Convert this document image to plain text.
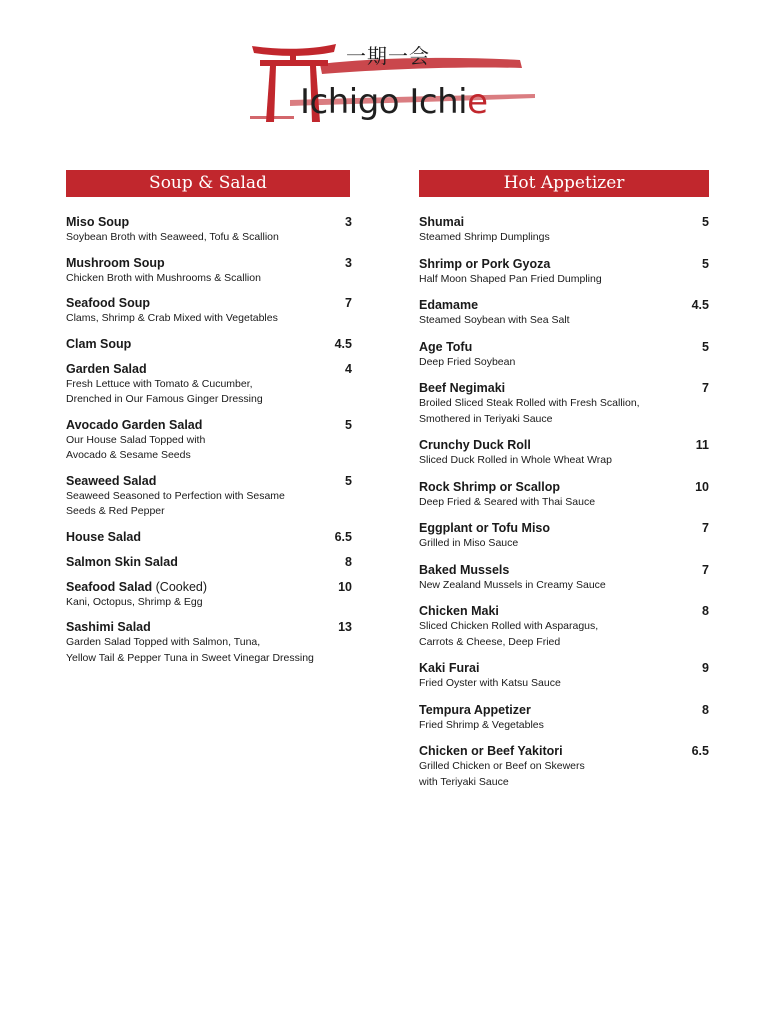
一期一会
Ichigo Ichie
Soup & Salad
Miso Soup	3
Soybean Broth with Seaweed, Tofu & Scallion
Mushroom Soup	3
Chicken Broth with Mushrooms & Scallion
Seafood Soup	7
Clams, Shrimp & Crab Mixed with Vegetables
Clam Soup	4.5
Garden Salad	4
Fresh Lettuce with Tomato & Cucumber,
Drenched in Our Famous Ginger Dressing
Avocado Garden Salad	5
Our House Salad Topped with
Avocado & Sesame Seeds
Seaweed Salad	5
Seaweed Seasoned to Perfection with Sesame
Seeds & Red Pepper
House Salad	6.5
Salmon Skin Salad	8
Seafood Salad (Cooked)	10
Kani, Octopus, Shrimp & Egg
Sashimi Salad	13
Garden Salad Topped with Salmon, Tuna,
Yellow Tail & Pepper Tuna in Sweet Vinegar Dressing
Hot Appetizer
Shumai	5
Steamed Shrimp Dumplings
Shrimp or Pork Gyoza	5
Half Moon Shaped Pan Fried Dumpling
Edamame	4.5
Steamed Soybean with Sea Salt
Age Tofu	5
Deep Fried Soybean
Beef Negimaki	7
Broiled Sliced Steak Rolled with Fresh Scallion,
Smothered in Teriyaki Sauce
Crunchy Duck Roll	11
Sliced Duck Rolled in Whole Wheat Wrap
Rock Shrimp or Scallop	10
Deep Fried & Seared with Thai Sauce
Eggplant or Tofu Miso	7
Grilled in Miso Sauce
Baked Mussels	7
New Zealand Mussels in Creamy Sauce
Chicken Maki	8
Sliced Chicken Rolled with Asparagus,
Carrots & Cheese, Deep Fried
Kaki Furai	9
Fried Oyster with Katsu Sauce
Tempura Appetizer	8
Fried Shrimp & Vegetables
Chicken or Beef Yakitori	6.5
Grilled Chicken or Beef on Skewers
with Teriyaki Sauce
